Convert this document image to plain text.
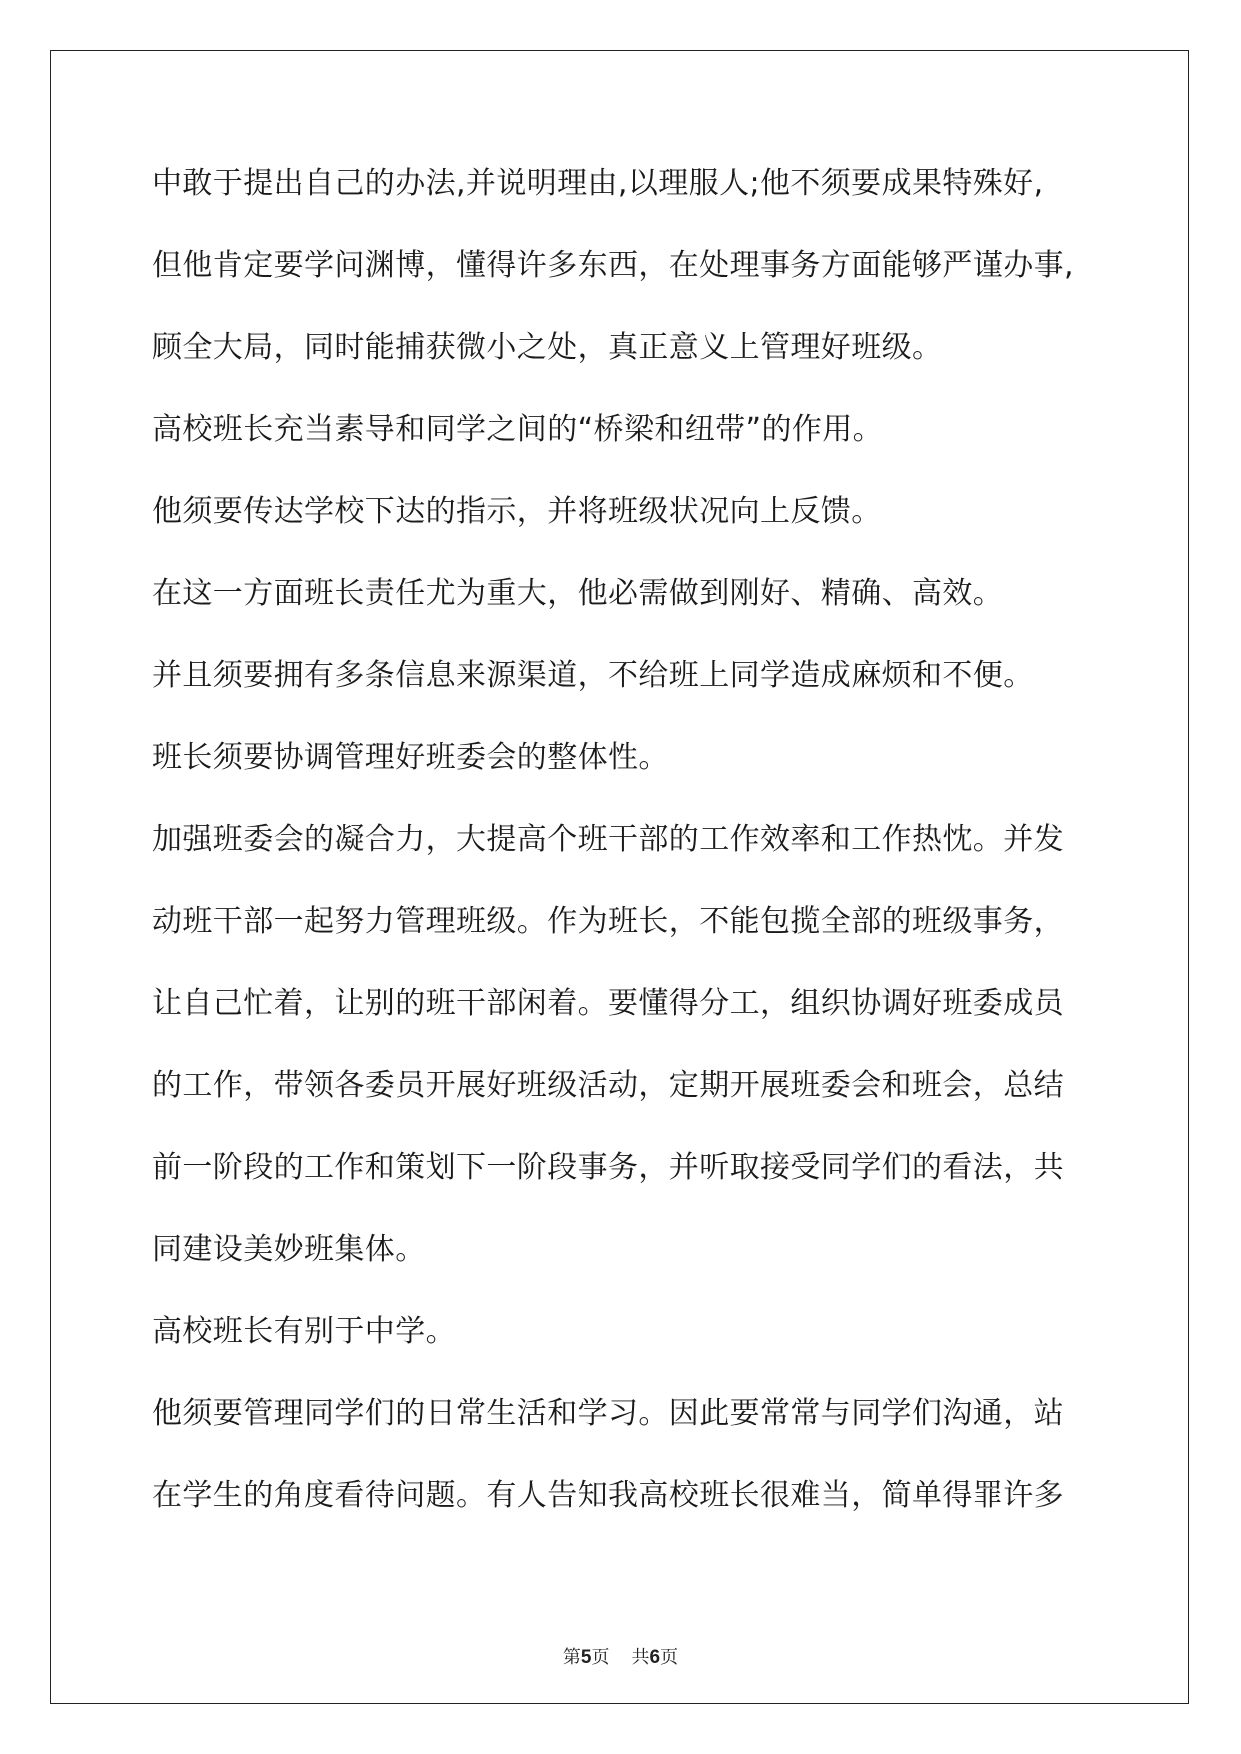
中敢于提出自己的办法,并说明理由,以理服人;他不须要成果特殊好,
但他肯定要学问渊博，懂得许多东西，在处理事务方面能够严谨办事,
顾全大局，同时能捕获微小之处，真正意义上管理好班级。
高校班长充当素导和同学之间的“桥梁和纽带”的作用。
他须要传达学校下达的指示，并将班级状况向上反馈。
在这一方面班长责任尤为重大，他必需做到刚好、精确、高效。
并且须要拥有多条信息来源渠道，不给班上同学造成麻烦和不便。
班长须要协调管理好班委会的整体性。
加强班委会的凝合力，大提高个班干部的工作效率和工作热忱。并发
动班干部一起努力管理班级。作为班长，不能包揽全部的班级事务，
让自己忙着，让别的班干部闲着。要懂得分工，组织协调好班委成员
的工作，带领各委员开展好班级活动，定期开展班委会和班会，总结
前一阶段的工作和策划下一阶段事务，并听取接受同学们的看法，共
同建设美妙班集体。
高校班长有别于中学。
他须要管理同学们的日常生活和学习。因此要常常与同学们沟通，站
在学生的角度看待问题。有人告知我高校班长很难当，简单得罪许多
第5页 共6页
